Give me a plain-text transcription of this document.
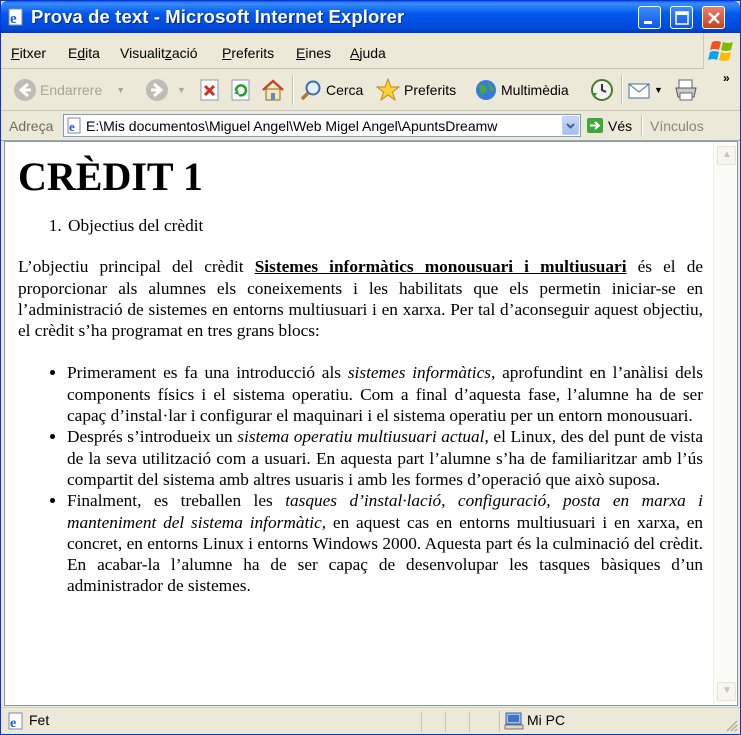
e Prova de text - Microsoft Internet Explorer
Fitxer Edita Visualització Preferits Eines Ajuda
Endarrere ▼	▼	Cerca	Preferits	Multimèdia	▼
»
Adreça e E:\Mis documentos\Miguel Angel\Web Migel Angel\ApuntsDreamw	Vés Vínculos
CRÈDIT 1
1. Objectius del crèdit

L’objectiu principal del crèdit Sistemes informàtics monousuari i multiusuari és el de proporcionar als alumnes els coneixements i les habilitats que els permetin iniciar-se en l’administració de sistemes en entorns multiusuari i en xarxa. Per tal d’aconseguir aquest objectiu, el crèdit s’ha programat en tres grans blocs:

• Primerament es fa una introducció als sistemes informàtics, aprofundint en l’anàlisi dels components físics i el sistema operatiu. Com a final d’aquesta fase, l’alumne ha de ser capaç d’instal·lar i configurar el maquinari i el sistema operatiu per un entorn monousuari.
• Després s’introdueix un sistema operatiu multiusuari actual, el Linux, des del punt de vista de la seva utilització com a usuari. En aquesta part l’alumne s’ha de familiaritzar amb l’ús compartit del sistema amb altres usuaris i amb les formes d’operació que això suposa.
• Finalment, es treballen les tasques d’instal·lació, configuració, posta en marxa i manteniment del sistema informàtic, en aquest cas en entorns multiusuari i en xarxa, en concret, en entorns Linux i entorns Windows 2000. Aquesta part és la culminació del crèdit. En acabar-la l’alumne ha de ser capaç de desenvolupar les tasques bàsiques d’un administrador de sistemes.
▲
▼
e Fet	Mi PC
